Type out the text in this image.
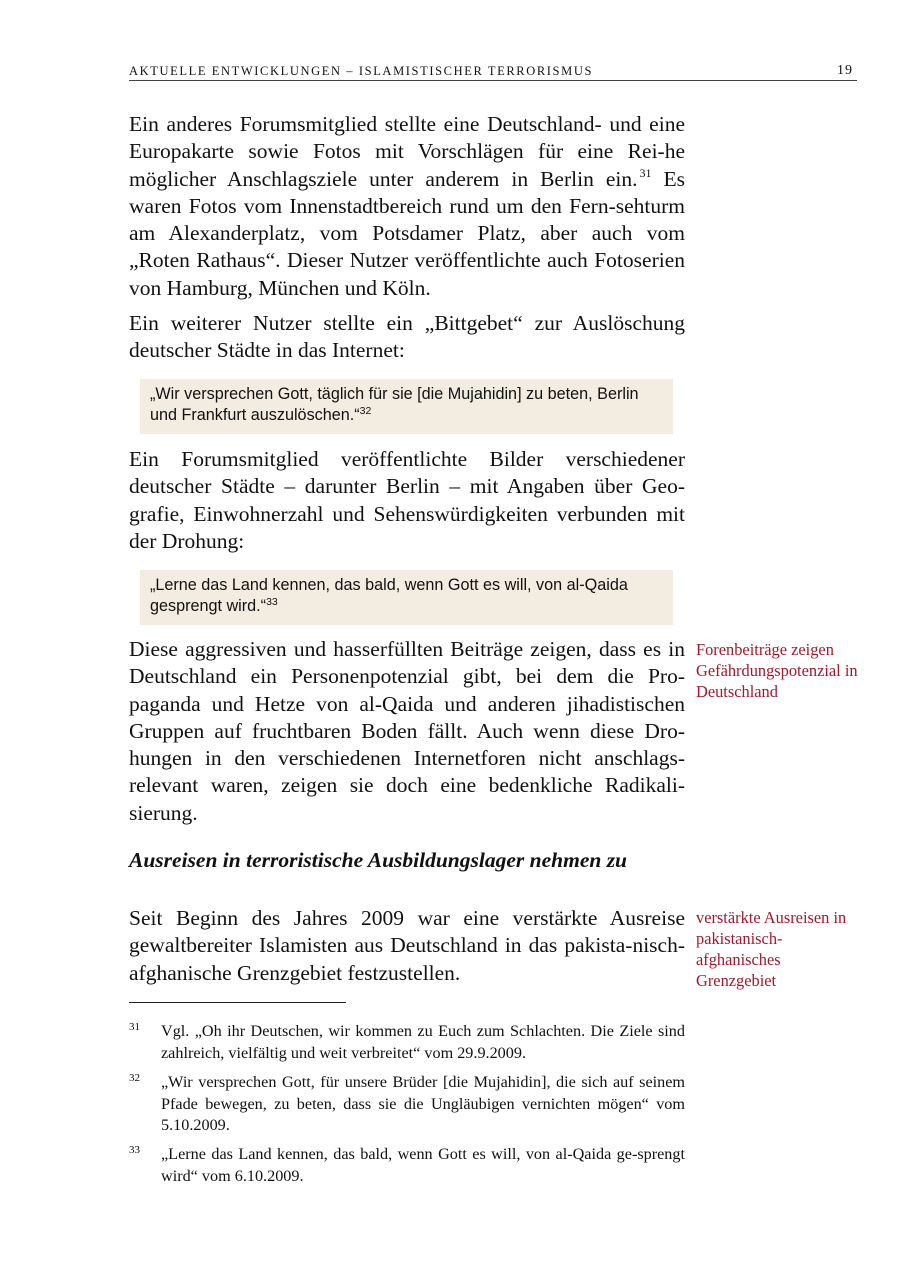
AKTUELLE ENTWICKLUNGEN – ISLAMISTISCHER TERRORISMUS	19

Ein anderes Forumsmitglied stellte eine Deutschland- und eine Europakarte sowie Fotos mit Vorschlägen für eine Rei-he möglicher Anschlagsziele unter anderem in Berlin ein. $^{31}$ Es waren Fotos vom Innenstadtbereich rund um den Fern-sehturm am Alexanderplatz, vom Potsdamer Platz, aber auch vom „Roten Rathaus“. Dieser Nutzer veröffentlichte auch Fotoserien von Hamburg, München und Köln.

Ein weiterer Nutzer stellte ein „Bittgebet“ zur Auslöschung deutscher Städte in das Internet:

„Wir versprechen Gott, täglich für sie [die Mujahidin] zu beten, Berlin und Frankfurt auszulöschen.“$^{32}$

Ein Forumsmitglied veröffentlichte Bilder verschiedener deutscher Städte – darunter Berlin – mit Angaben über Geo-grafie, Einwohnerzahl und Sehenswürdigkeiten verbunden mit der Drohung:

„Lerne das Land kennen, das bald, wenn Gott es will, von al-Qaida gesprengt wird.“$^{33}$

Diese aggressiven und hasserfüllten Beiträge zeigen, dass es in Deutschland ein Personenpotenzial gibt, bei dem die Pro-paganda und Hetze von al-Qaida und anderen jihadistischen Gruppen auf fruchtbaren Boden fällt. Auch wenn diese Dro-hungen in den verschiedenen Internetforen nicht anschlags-relevant waren, zeigen sie doch eine bedenkliche Radikali-sierung.

Forenbeiträge zeigen Gefährdungspotenzial in Deutschland
Ausreisen in terroristische Ausbildungslager nehmen zu

Seit Beginn des Jahres 2009 war eine verstärkte Ausreise gewaltbereiter Islamisten aus Deutschland in das pakista-nisch-afghanische Grenzgebiet festzustellen.

verstärkte Ausreisen in pakistanisch-afghanisches Grenzgebiet
31 Vgl. „Oh ihr Deutschen, wir kommen zu Euch zum Schlachten. Die Ziele sind zahlreich, vielfältig und weit verbreitet“ vom 29.9.2009.
32 „Wir versprechen Gott, für unsere Brüder [die Mujahidin], die sich auf seinem Pfade bewegen, zu beten, dass sie die Ungläubigen vernichten mögen“ vom 5.10.2009.
33 „Lerne das Land kennen, das bald, wenn Gott es will, von al-Qaida ge-sprengt wird“ vom 6.10.2009.
